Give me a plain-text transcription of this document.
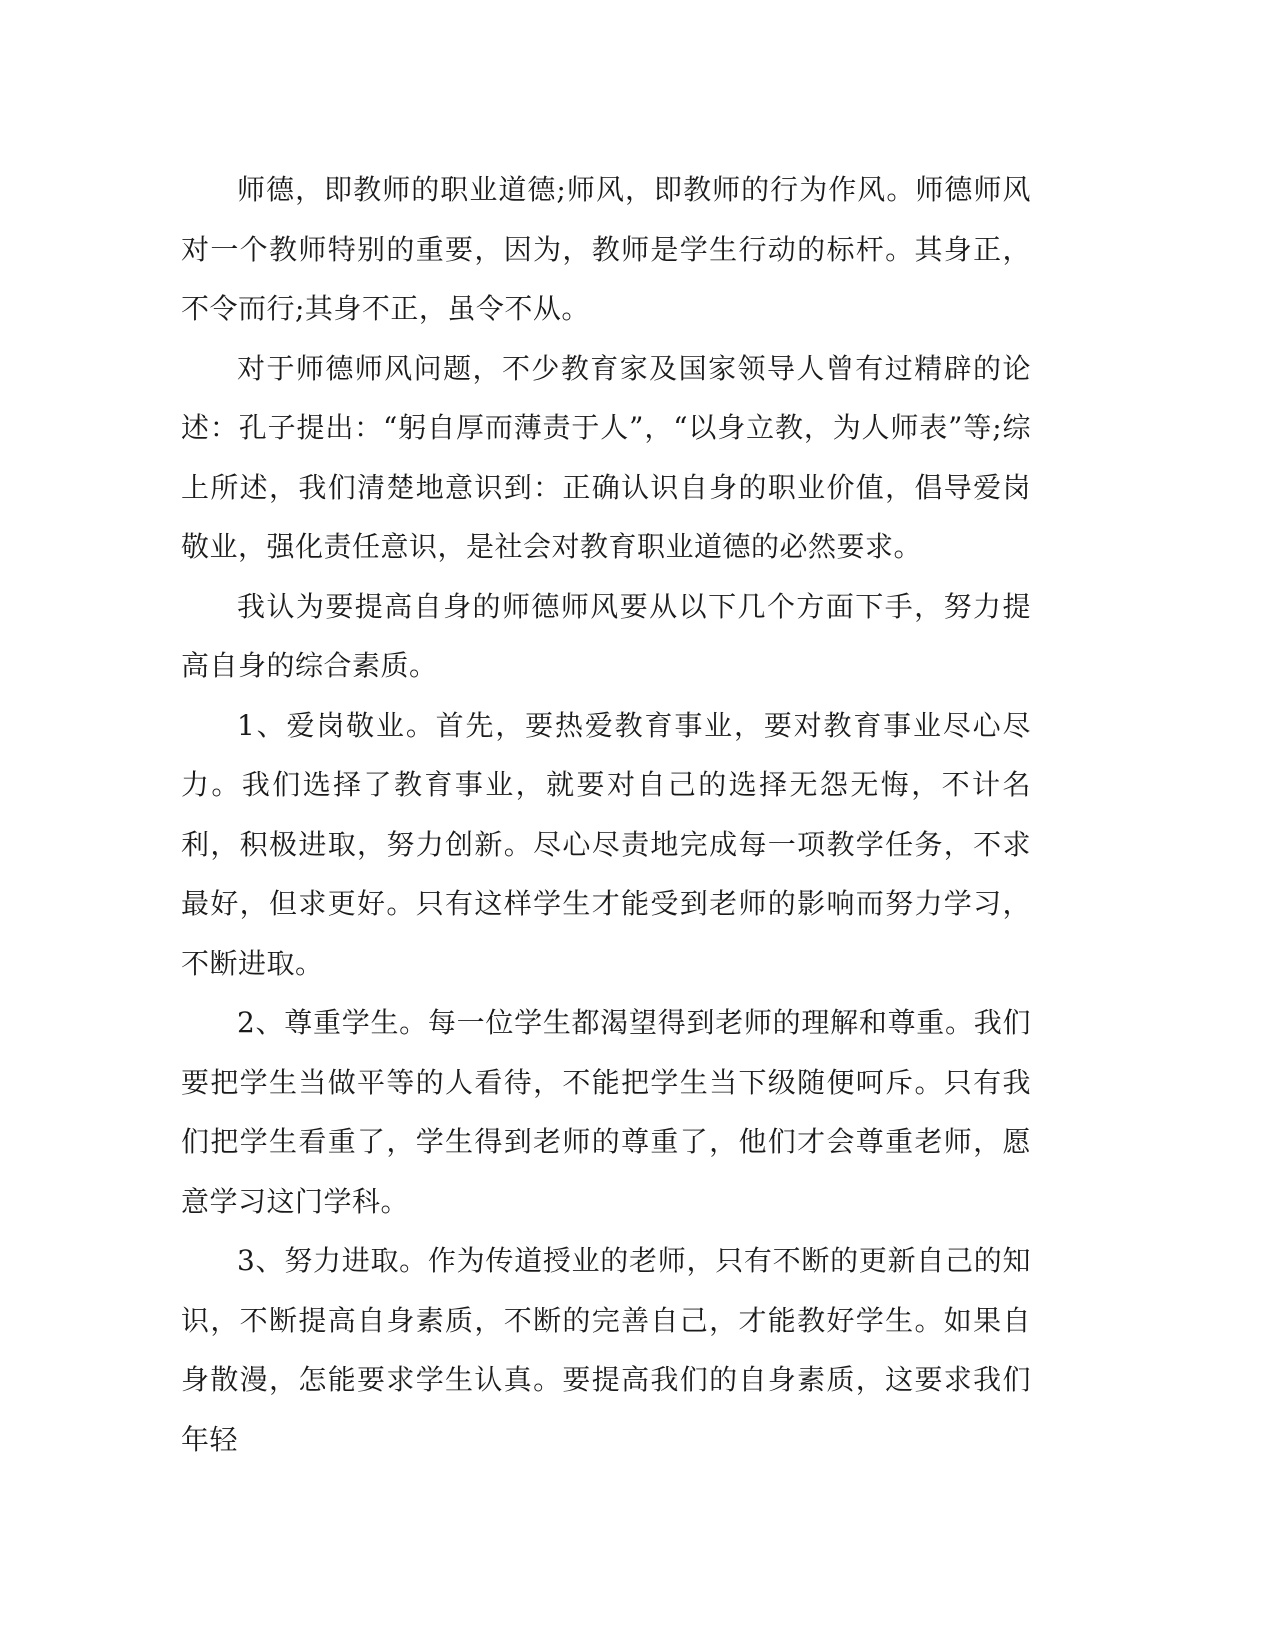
师德，即教师的职业道德;师风，即教师的行为作风。师德师风对一个教师特别的重要，因为，教师是学生行动的标杆。其身正，不令而行;其身不正，虽令不从。

对于师德师风问题，不少教育家及国家领导人曾有过精辟的论述：孔子提出：“躬自厚而薄责于人”，“以身立教，为人师表”等;综上所述，我们清楚地意识到：正确认识自身的职业价值，倡导爱岗敬业，强化责任意识，是社会对教育职业道德的必然要求。

我认为要提高自身的师德师风要从以下几个方面下手，努力提高自身的综合素质。

1、爱岗敬业。首先，要热爱教育事业，要对教育事业尽心尽力。我们选择了教育事业，就要对自己的选择无怨无悔，不计名利，积极进取，努力创新。尽心尽责地完成每一项教学任务，不求最好，但求更好。只有这样学生才能受到老师的影响而努力学习，不断进取。

2、尊重学生。每一位学生都渴望得到老师的理解和尊重。我们要把学生当做平等的人看待，不能把学生当下级随便呵斥。只有我们把学生看重了，学生得到老师的尊重了，他们才会尊重老师，愿意学习这门学科。

3、努力进取。作为传道授业的老师，只有不断的更新自己的知识，不断提高自身素质，不断的完善自己，才能教好学生。如果自身散漫，怎能要求学生认真。要提高我们的自身素质，这要求我们年轻
